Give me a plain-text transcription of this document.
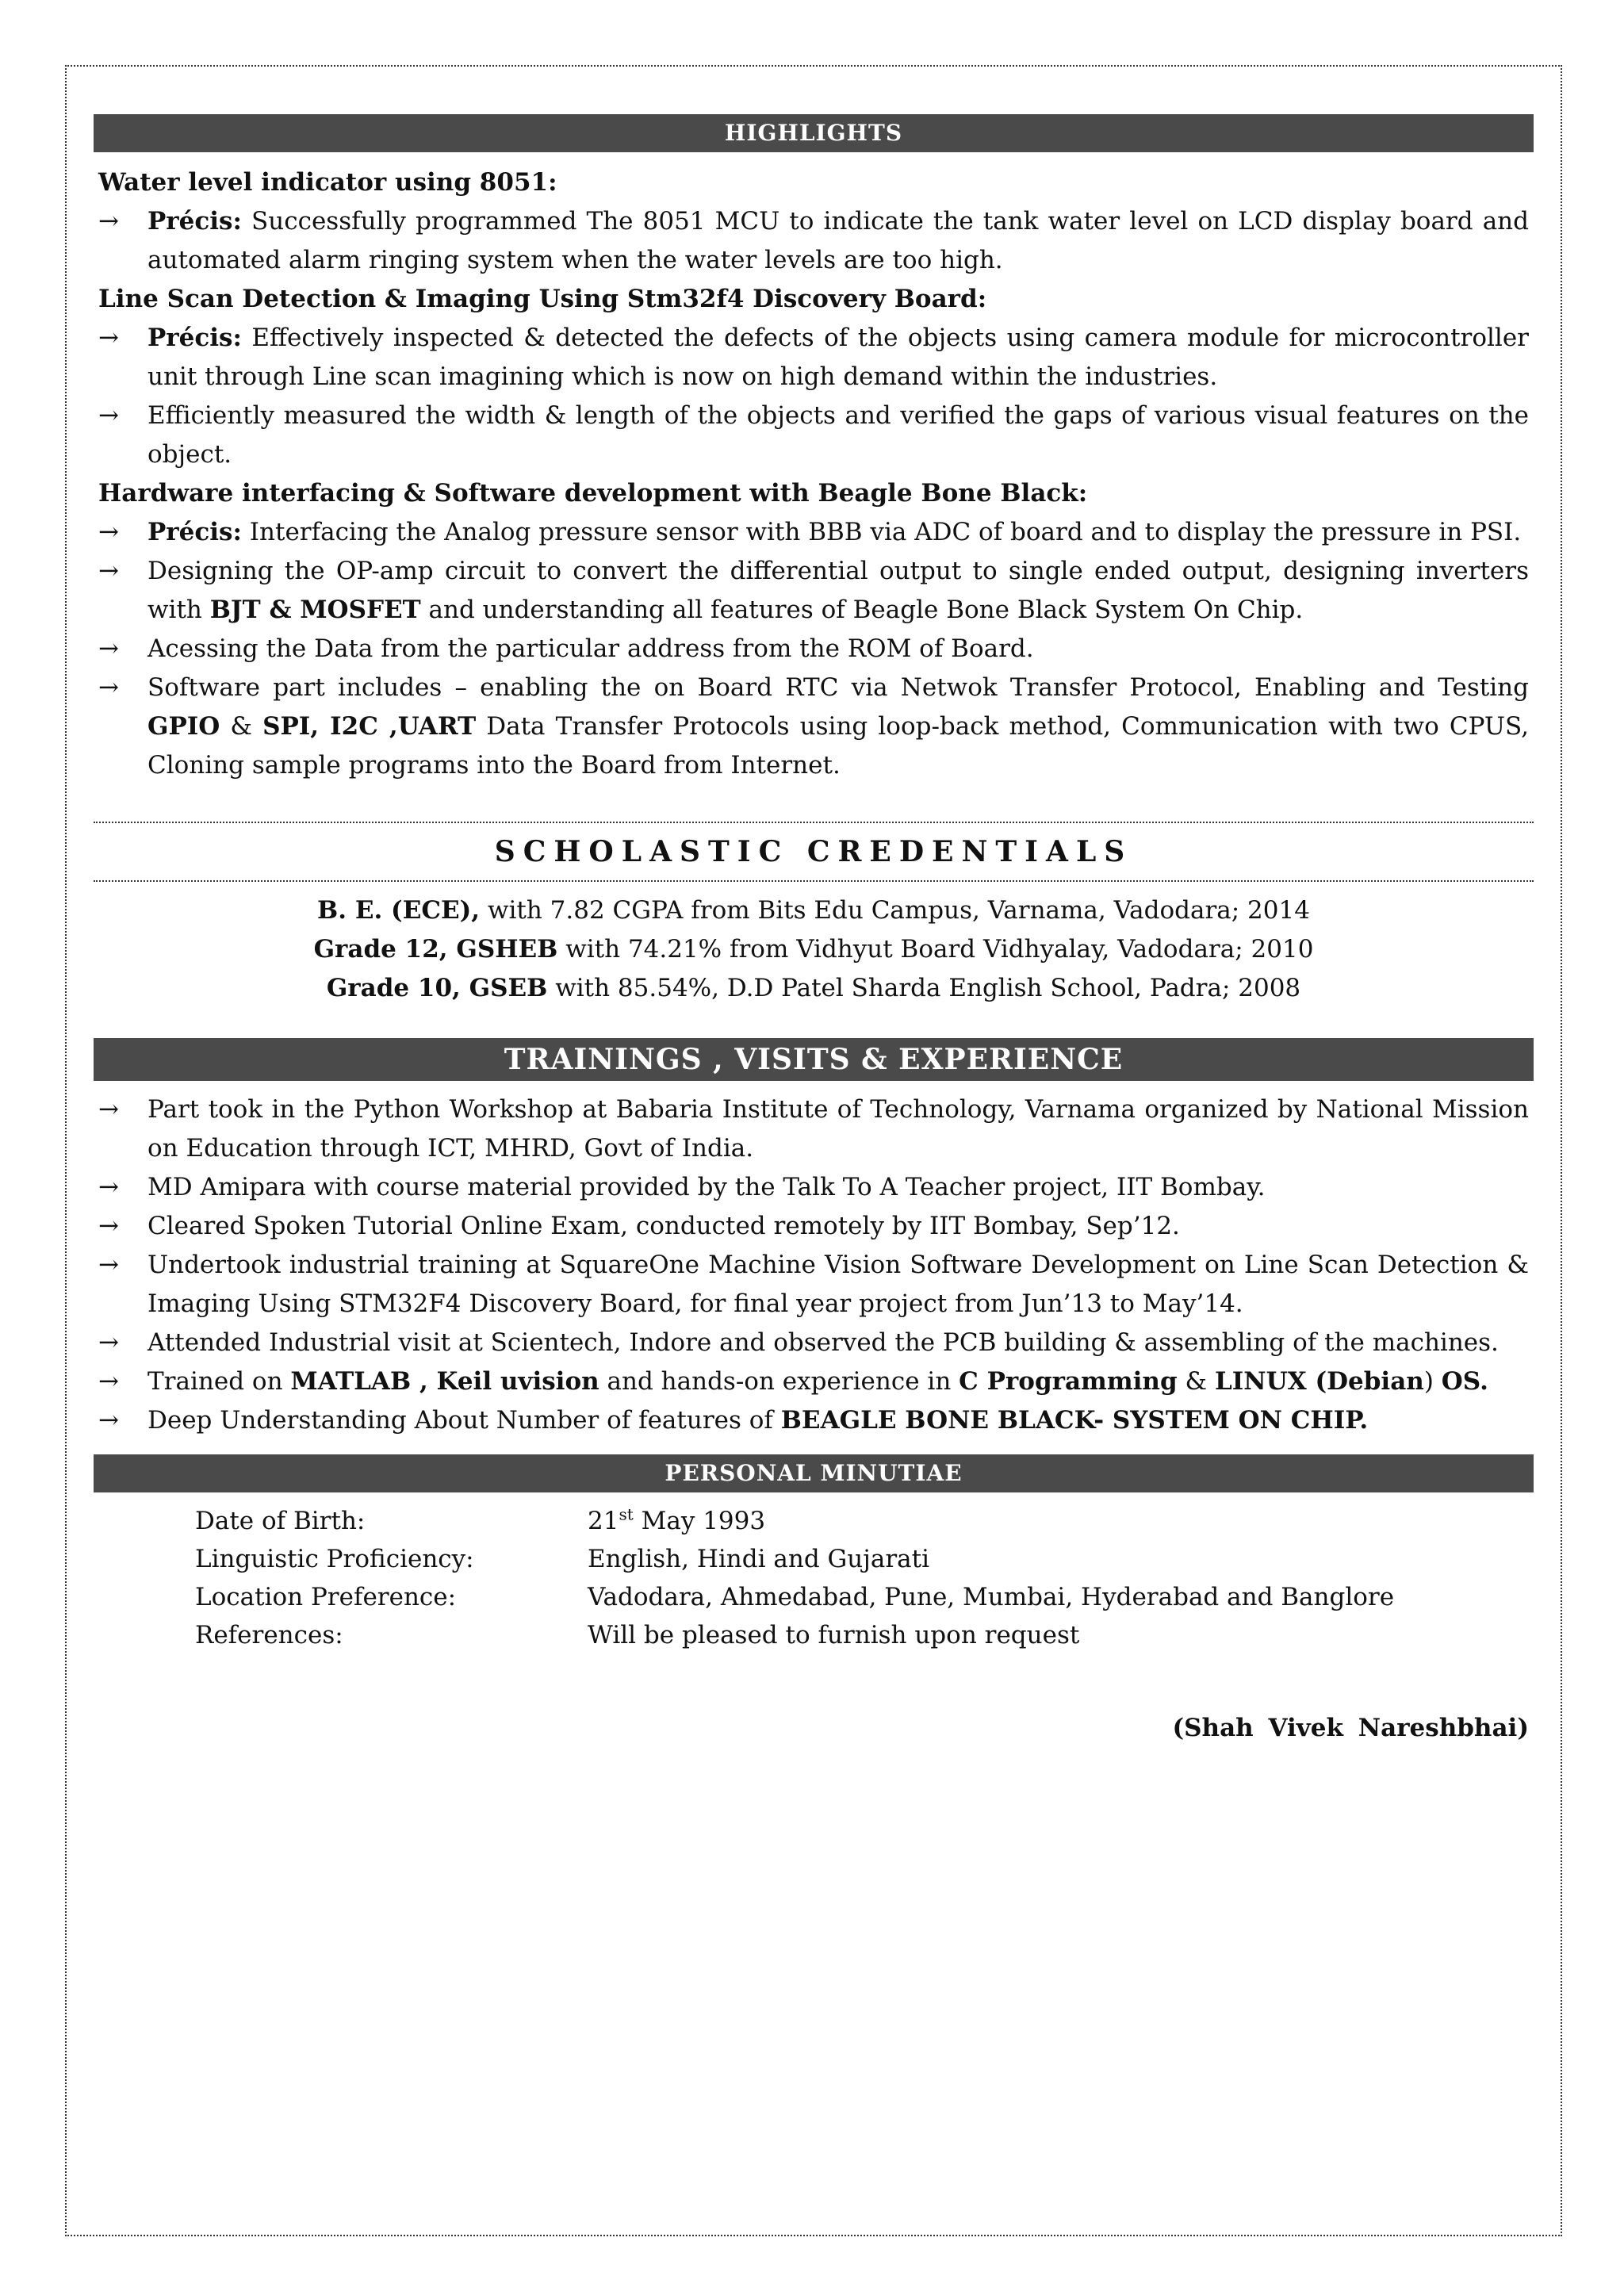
HIGHLIGHTS
Water level indicator using 8051:
→ Précis: Successfully programmed The 8051 MCU to indicate the tank water level on LCD display board and automated alarm ringing system when the water levels are too high.
Line Scan Detection & Imaging Using Stm32f4 Discovery Board:
→ Précis: Effectively inspected & detected the defects of the objects using camera module for microcontroller unit through Line scan imagining which is now on high demand within the industries.
→ Efficiently measured the width & length of the objects and verified the gaps of various visual features on the object.
Hardware interfacing & Software development with Beagle Bone Black:
→ Précis: Interfacing the Analog pressure sensor with BBB via ADC of board and to display the pressure in PSI.
→ Designing the OP-amp circuit to convert the differential output to single ended output, designing inverters with BJT & MOSFET and understanding all features of Beagle Bone Black System On Chip.
→ Acessing the Data from the particular address from the ROM of Board.
→ Software part includes – enabling the on Board RTC via Netwok Transfer Protocol, Enabling and Testing GPIO & SPI, I2C ,UART Data Transfer Protocols using loop-back method, Communication with two CPUS, Cloning sample programs into the Board from Internet.
SCHOLASTIC CREDENTIALS
B. E. (ECE), with 7.82 CGPA from Bits Edu Campus, Varnama, Vadodara; 2014
Grade 12, GSHEB with 74.21% from Vidhyut Board Vidhyalay, Vadodara; 2010
Grade 10, GSEB with 85.54%, D.D Patel Sharda English School, Padra; 2008
TRAININGS , VISITS & EXPERIENCE
→ Part took in the Python Workshop at Babaria Institute of Technology, Varnama organized by National Mission on Education through ICT, MHRD, Govt of India.
→ MD Amipara with course material provided by the Talk To A Teacher project, IIT Bombay.
→ Cleared Spoken Tutorial Online Exam, conducted remotely by IIT Bombay, Sep’12.
→ Undertook industrial training at SquareOne Machine Vision Software Development on Line Scan Detection & Imaging Using STM32F4 Discovery Board, for final year project from Jun’13 to May’14.
→ Attended Industrial visit at Scientech, Indore and observed the PCB building & assembling of the machines.
→ Trained on MATLAB , Keil uvision and hands-on experience in C Programming & LINUX (Debian) OS.
→ Deep Understanding About Number of features of BEAGLE BONE BLACK- SYSTEM ON CHIP.
PERSONAL MINUTIAE
Date of Birth:	21st May 1993
Linguistic Proficiency:	English, Hindi and Gujarati
Location Preference:	Vadodara, Ahmedabad, Pune, Mumbai, Hyderabad and Banglore
References:	Will be pleased to furnish upon request
(Shah Vivek Nareshbhai)
